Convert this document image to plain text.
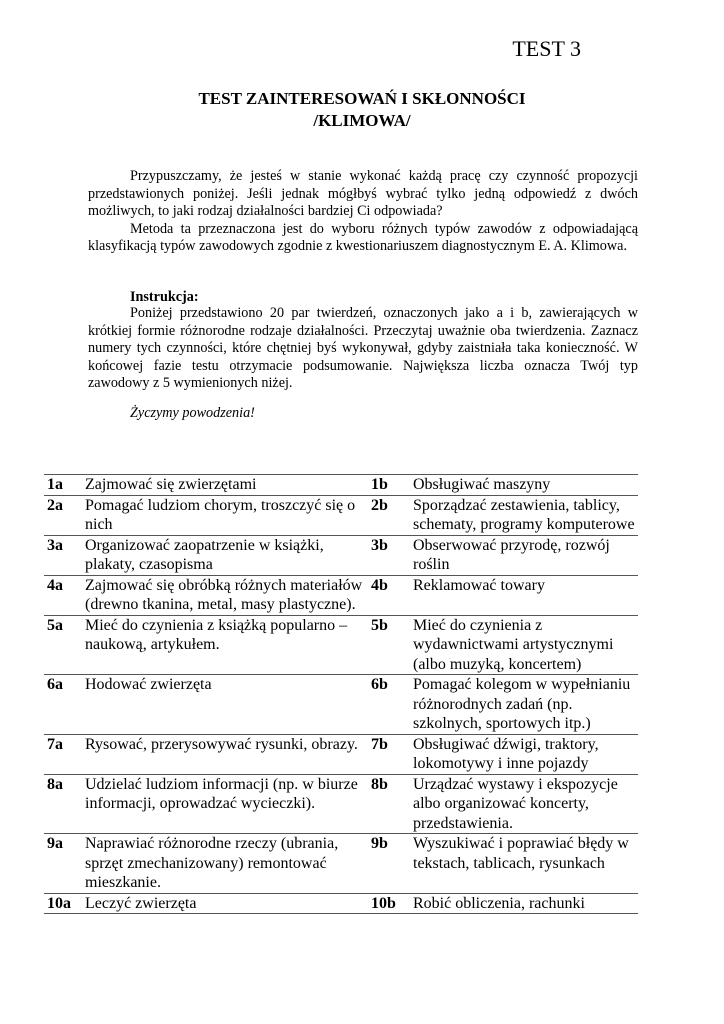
TEST 3
TEST ZAINTERESOWAŃ I SKŁONNOŚCI
/KLIMOWA/

Przypuszczamy, że jesteś w stanie wykonać każdą pracę czy czynność propozycji przedstawionych poniżej. Jeśli jednak mógłbyś wybrać tylko jedną odpowiedź z dwóch możliwych, to jaki rodzaj działalności bardziej Ci odpowiada?

Metoda ta przeznaczona jest do wyboru różnych typów zawodów z odpowiadającą klasyfikacją typów zawodowych zgodnie z kwestionariuszem diagnostycznym E. A. Klimowa.

Instrukcja:

Poniżej przedstawiono 20 par twierdzeń, oznaczonych jako a i b, zawierających w krótkiej formie różnorodne rodzaje działalności. Przeczytaj uważnie oba twierdzenia. Zaznacz numery tych czynności, które chętniej byś wykonywał, gdyby zaistniała taka konieczność. W końcowej fazie testu otrzymacie podsumowanie. Największa liczba oznacza Twój typ zawodowy z 5 wymienionych niżej.

Życzymy powodzenia!
1a	Zajmować się zwierzętami	1b	Obsługiwać maszyny
2a	Pomagać ludziom chorym, troszczyć się o nich	2b	Sporządzać zestawienia, tablicy, schematy, programy komputerowe
3a	Organizować zaopatrzenie w książki, plakaty, czasopisma	3b	Obserwować przyrodę, rozwój roślin
4a	Zajmować się obróbką różnych materiałów (drewno tkanina, metal, masy plastyczne).	4b	Reklamować towary
5a	Mieć do czynienia z książką popularno – naukową, artykułem.	5b	Mieć do czynienia z wydawnictwami artystycznymi (albo muzyką, koncertem)
6a	Hodować zwierzęta	6b	Pomagać kolegom w wypełnianiu różnorodnych zadań (np. szkolnych, sportowych itp.)
7a	Rysować, przerysowywać rysunki, obrazy.	7b	Obsługiwać dźwigi, traktory, lokomotywy i inne pojazdy
8a	Udzielać ludziom informacji (np. w biurze informacji, oprowadzać wycieczki).	8b	Urządzać wystawy i ekspozycje albo organizować koncerty, przedstawienia.
9a	Naprawiać różnorodne rzeczy (ubrania, sprzęt zmechanizowany) remontować mieszkanie.	9b	Wyszukiwać i poprawiać błędy w tekstach, tablicach, rysunkach
10a	Leczyć zwierzęta	10b	Robić obliczenia, rachunki
